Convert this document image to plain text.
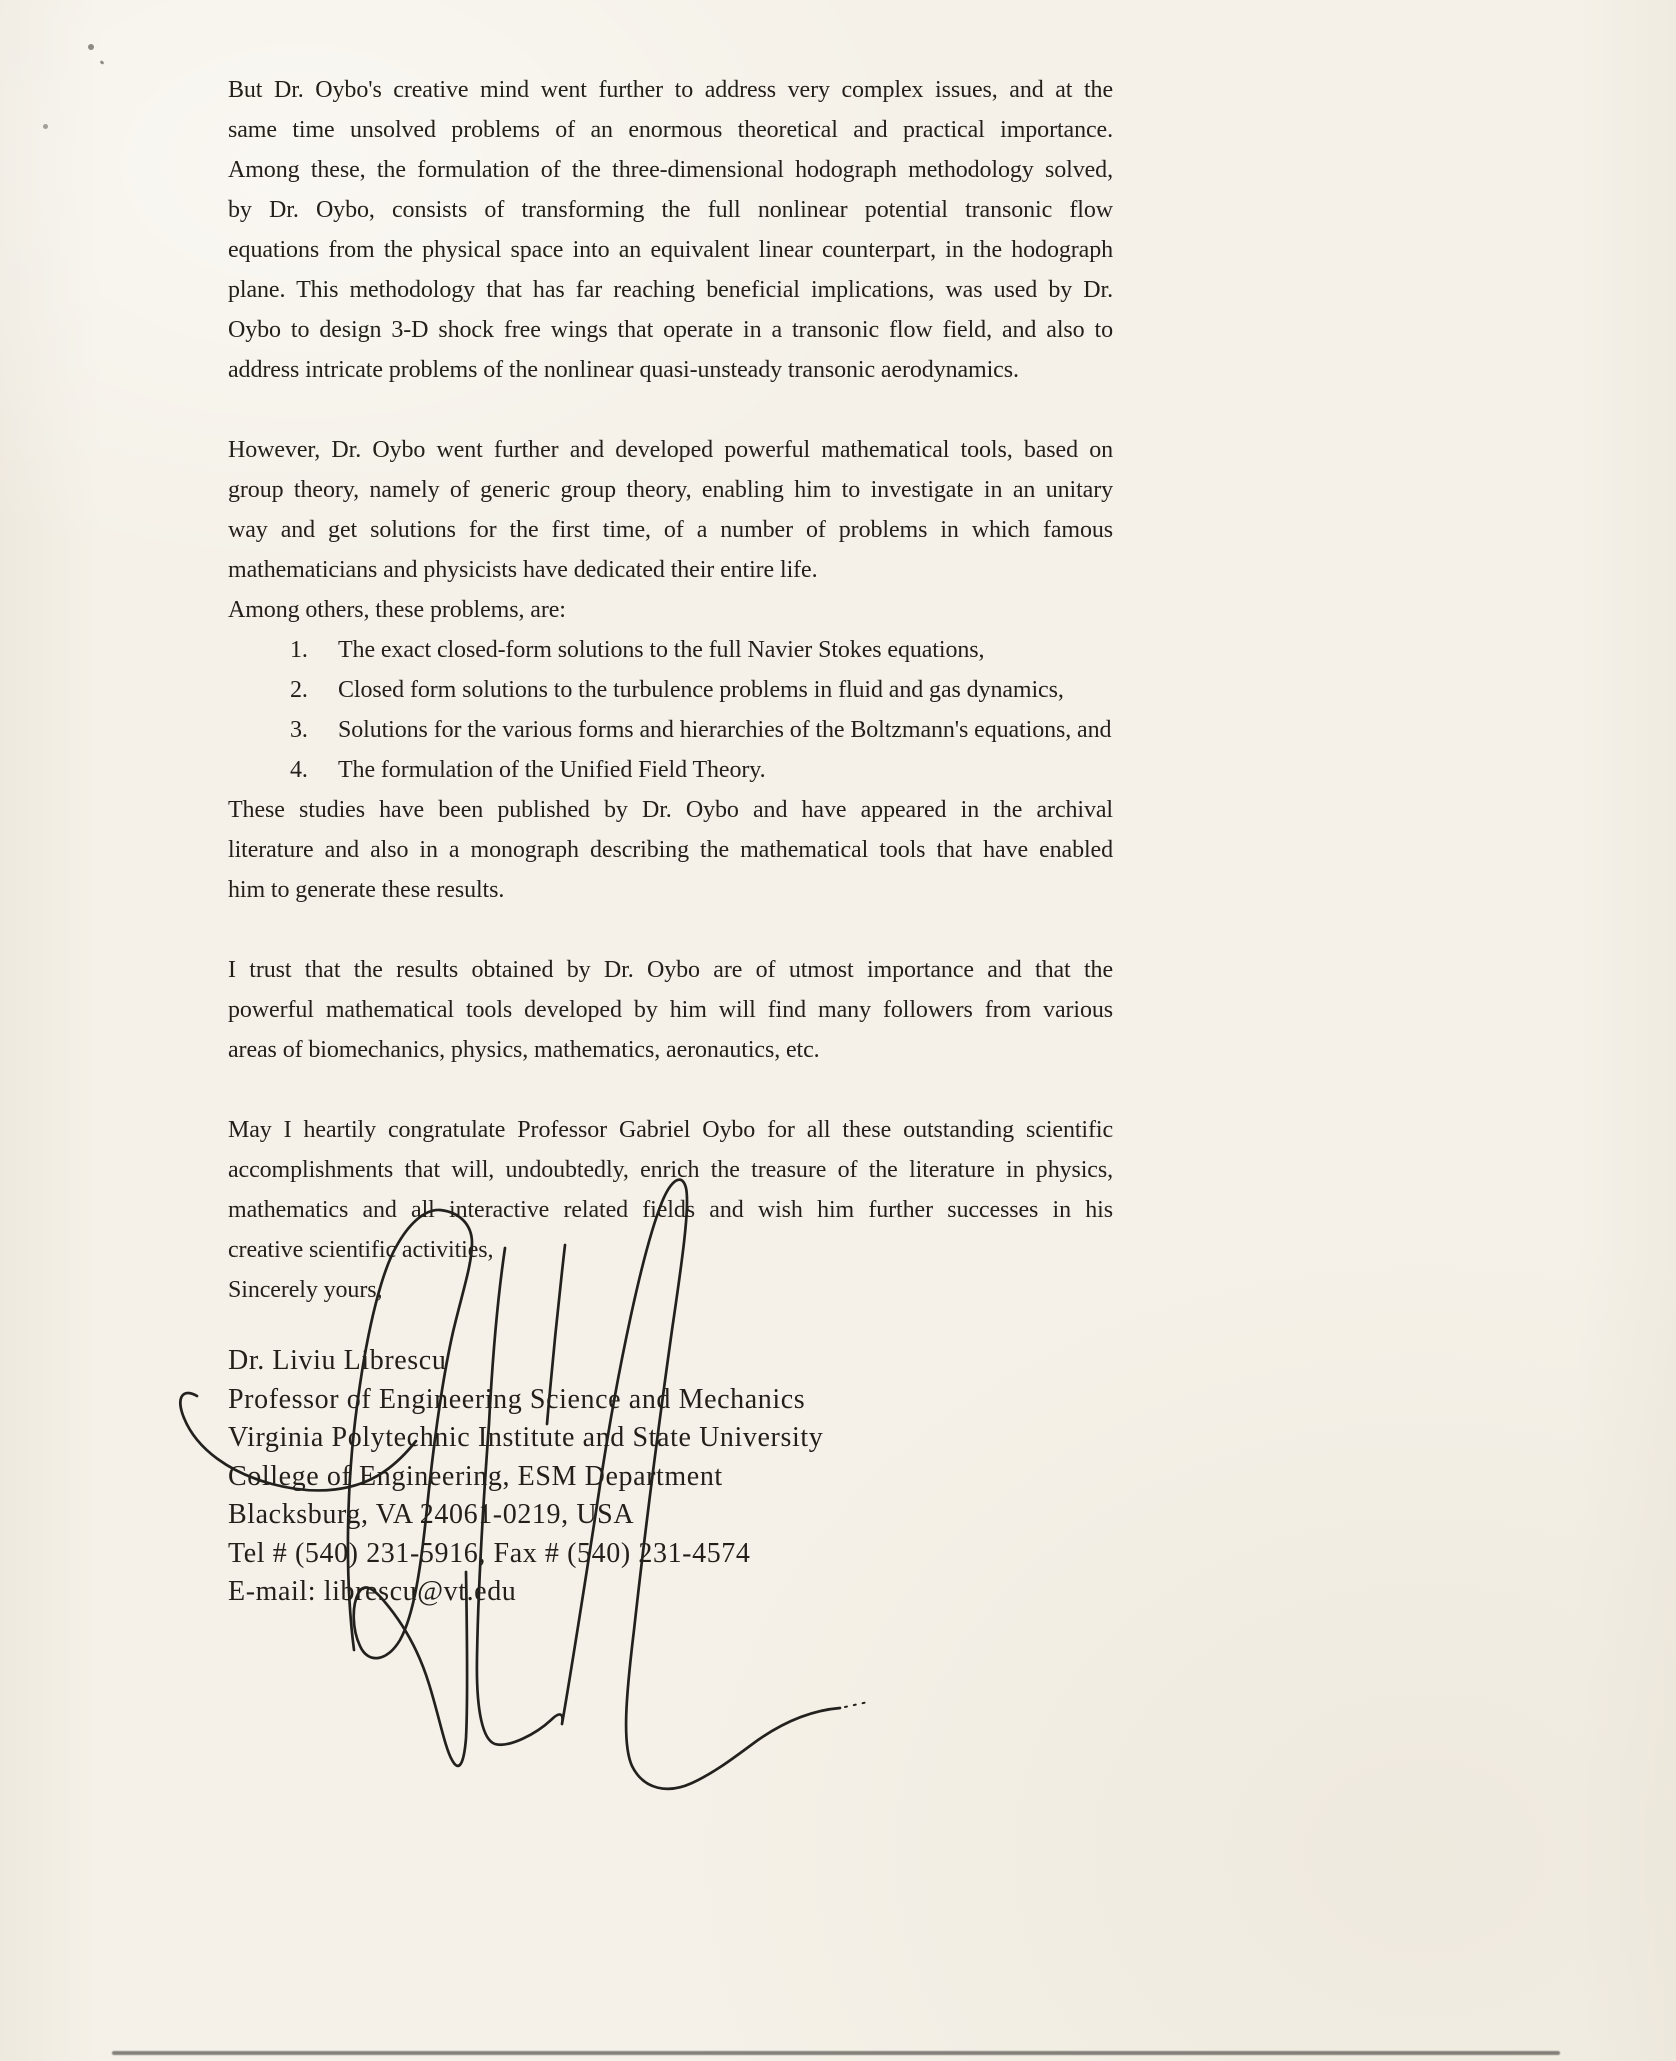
But Dr. Oybo's creative mind went further to address very complex issues, and at the
same time unsolved problems of an enormous theoretical and practical importance.
Among these, the formulation of the three-dimensional hodograph methodology solved,
by Dr. Oybo, consists of transforming the full nonlinear potential transonic flow
equations from the physical space into an equivalent linear counterpart, in the hodograph
plane. This methodology that has far reaching beneficial implications, was used by Dr.
Oybo to design 3-D shock free wings that operate in a transonic flow field, and also to
address intricate problems of the nonlinear quasi-unsteady transonic aerodynamics.
However, Dr. Oybo went further and developed powerful mathematical tools, based on
group theory, namely of generic group theory, enabling him to investigate in an unitary
way and get solutions for the first time, of a number of problems in which famous
mathematicians and physicists have dedicated their entire life.
Among others, these problems, are:
1.	The exact closed-form solutions to the full Navier Stokes equations,
2.	Closed form solutions to the turbulence problems in fluid and gas dynamics,
3.	Solutions for the various forms and hierarchies of the Boltzmann's equations, and
4.	The formulation of the Unified Field Theory.
These studies have been published by Dr. Oybo and have appeared in the archival
literature and also in a monograph describing the mathematical tools that have enabled
him to generate these results.
I trust that the results obtained by Dr. Oybo are of utmost importance and that the
powerful mathematical tools developed by him will find many followers from various
areas of biomechanics, physics, mathematics, aeronautics, etc.
May I heartily congratulate Professor Gabriel Oybo for all these outstanding scientific
accomplishments that will, undoubtedly, enrich the treasure of the literature in physics,
mathematics and all interactive related fields and wish him further successes in his
creative scientific activities,
Sincerely yours,
Dr. Liviu Librescu
Professor of Engineering Science and Mechanics
Virginia Polytechnic Institute and State University
College of Engineering, ESM Department
Blacksburg, VA 24061-0219, USA
Tel # (540) 231-5916, Fax # (540) 231-4574
E-mail: librescu@vt.edu
